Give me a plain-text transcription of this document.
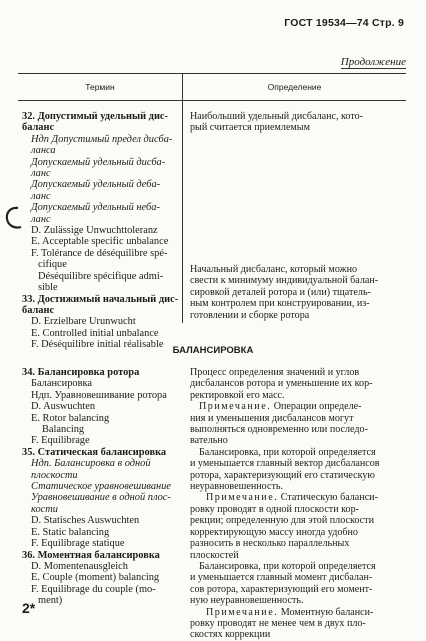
ГОСТ 19534—74 Стр. 9
Продолжение
Термин	Определение
32. Допустимый удельный дис-
баланс
Ндп Допустимый предел дисба-
ланса
Допускаемый удельный дисба-
ланс
Допускаемый удельный деба-
ланс
Допускаемый удельный неба-
ланс
D. Zulässige Unwuchttoleranz
E. Acceptable specific unbalance
F. Tolérance de déséquilibre spé-
cifique
Déséquilibre spécifique admi-
sible
33. Достижимый начальный дис-
баланс
D. Erzielbare Urunwucht
E. Controlled initial unbalance
F. Déséquilibre initial réalisable
Наибольший удельный дисбаланс, кото-
рый считается приемлемым
Начальный дисбаланс, который можно
свести к минимуму индивидуальной балан-
сировкой деталей ротора и (или) тщатель-
ным контролем при конструировании, из-
готовлении и сборке ротора
БАЛАНСИРОВКА
34. Балансировка ротора
Балансировка
Ндп. Уравновешивание ротора
D. Auswuchten
E. Rotor balancing
Balancing
F. Equilibrage
35. Статическая балансировка
Ндп. Балансировка в одной
плоскости
Статическое уравновешивание
Уравновешивание в одной плос-
кости
D. Statisches Auswuchten
E. Static balancing
F. Equilibrage statique
36. Моментная балансировка
D. Momentenausgleich
E. Couple (moment) balancing
F. Equilibrage du couple (mo-
ment)
Процесс определения значений и углов
дисбалансов ротора и уменьшение их кор-
ректировкой его масс.
Примечание. Операции определе-
ния и уменьшения дисбалансов могут
выполняться одновременно или последо-
вательно
Балансировка, при которой определяется
и уменьшается главный вектор дисбалансов
ротора, характеризующий его статическую
неуравновешенность.
Примечание. Статическую баланси-
ровку проводят в одной плоскости кор-
рекции; определенную для этой плоскости
корректирующую массу иногда удобно
разносить в несколько параллельных
плоскостей
Балансировка, при которой определяется
и уменьшается главный момент дисбалан-
сов ротора, характеризующий его момент-
ную неуравновешенность.
Примечание. Моментную баланси-
ровку проводят не менее чем в двух пло-
скостях коррекции
2*
